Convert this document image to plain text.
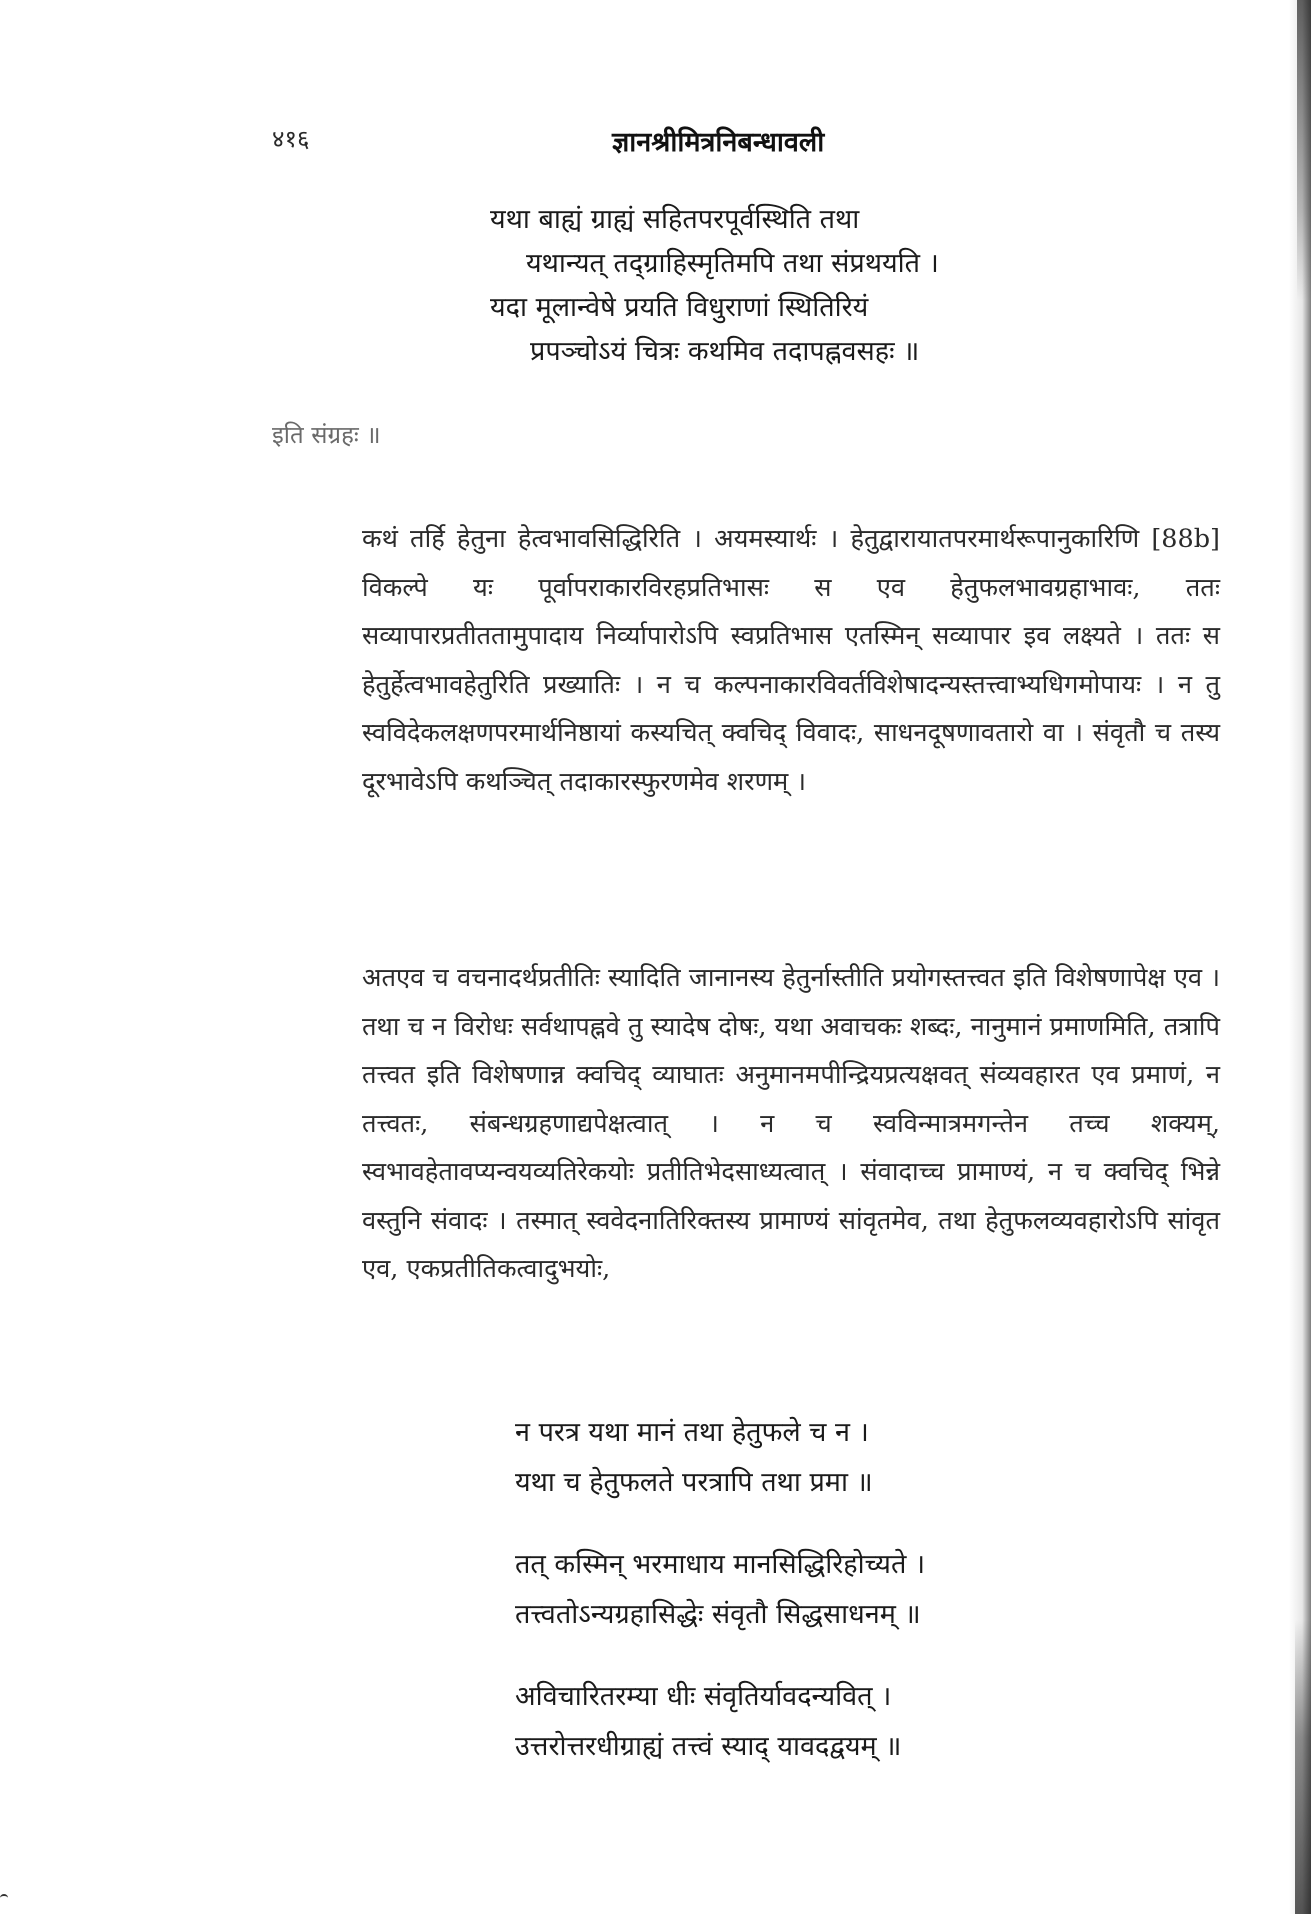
४१६	ज्ञानश्रीमित्रनिबन्धावली
यथा बाह्यं ग्राह्यं सहितपरपूर्वस्थिति तथा
यथान्यत् तद्ग्राहिस्मृतिमपि तथा संप्रथयति ।
यदा मूलान्वेषे प्रयति विधुराणां स्थितिरियं
प्रपञ्चोऽयं चित्रः कथमिव तदापह्नवसहः ॥
इति संग्रहः ॥
कथं तर्हि हेतुना हेत्वभावसिद्धिरिति । अयमस्यार्थः । हेतुद्वारायातपरमार्थरूपानुकारिणि [88b] विकल्पे यः पूर्वापराकारविरहप्रतिभासः स एव हेतुफलभावग्रहाभावः, ततः सव्यापारप्रतीततामुपादाय निर्व्यापारोऽपि स्वप्रतिभास एतस्मिन् सव्यापार इव लक्ष्यते । ततः स हेतुर्हेत्वभावहेतुरिति प्रख्यातिः । न च कल्पनाकारविवर्तविशेषादन्यस्तत्त्वाभ्यधिगमोपायः । न तु स्वविदेकलक्षणपरमार्थनिष्ठायां कस्यचित् क्वचिद् विवादः, साधनदूषणावतारो वा । संवृतौ च तस्य दूरभावेऽपि कथञ्चित् तदाकारस्फुरणमेव शरणम् ।
अतएव च वचनादर्थप्रतीतिः स्यादिति जानानस्य हेतुर्नास्तीति प्रयोगस्तत्त्वत इति विशेषणापेक्ष एव । तथा च न विरोधः सर्वथापह्नवे तु स्यादेष दोषः, यथा अवाचकः शब्दः, नानुमानं प्रमाणमिति, तत्रापि तत्त्वत इति विशेषणान्न क्वचिद् व्याघातः अनुमानमपीन्द्रियप्रत्यक्षवत् संव्यवहारत एव प्रमाणं, न तत्त्वतः, संबन्धग्रहणाद्यपेक्षत्वात् । न च स्वविन्मात्रमगन्तेन तच्च शक्यम्, स्वभावहेतावप्यन्वयव्यतिरेकयोः प्रतीतिभेदसाध्यत्वात् । संवादाच्च प्रामाण्यं, न च क्वचिद् भिन्ने वस्तुनि संवादः । तस्मात् स्ववेदनातिरिक्तस्य प्रामाण्यं सांवृतमेव, तथा हेतुफलव्यवहारोऽपि सांवृत एव, एकप्रतीतिकत्वादुभयोः,
न परत्र यथा मानं तथा हेतुफले च न ।
यथा च हेतुफलते परत्रापि तथा प्रमा ॥
तत् कस्मिन् भरमाधाय मानसिद्धिरिहोच्यते ।
तत्त्वतोऽन्यग्रहासिद्धेः संवृतौ सिद्धसाधनम् ॥
अविचारितरम्या धीः संवृतिर्यावदन्यवित् ।
उत्तरोत्तरधीग्राह्यं तत्त्वं स्याद् यावदद्वयम् ॥
